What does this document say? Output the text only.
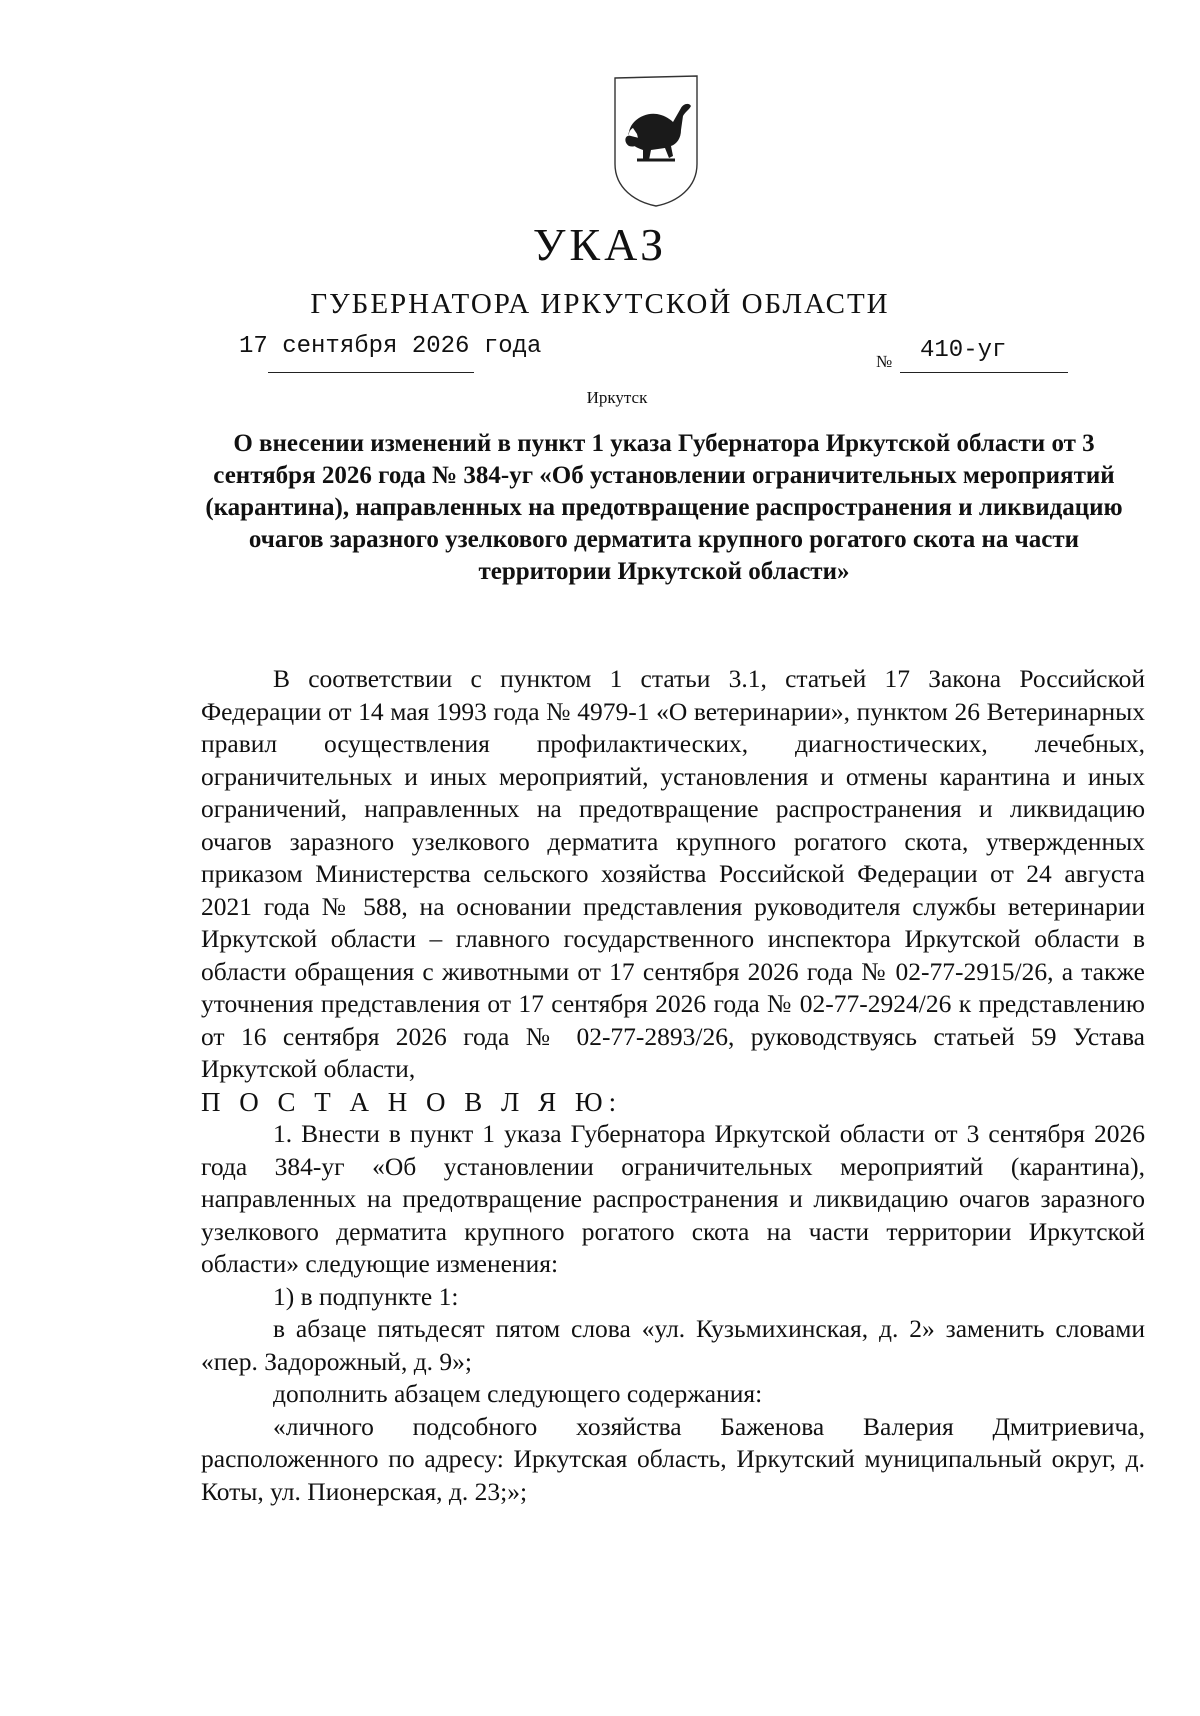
УКАЗ
ГУБЕРНАТОРА ИРКУТСКОЙ ОБЛАСТИ
17 сентября 2026 года
№ 410-уг
Иркутск
О внесении изменений в пункт 1 указа Губернатора Иркутской области от 3 сентября 2026 года № 384-уг «Об установлении ограничительных мероприятий (карантина), направленных на предотвращение распространения и ликвидацию очагов заразного узелкового дерматита крупного рогатого скота на части территории Иркутской области»

В соответствии с пунктом 1 статьи 3.1, статьей 17 Закона Российской Федерации от 14 мая 1993 года № 4979-1 «О ветеринарии», пунктом 26 Ветеринарных правил осуществления профилактических, диагностических, лечебных, ограничительных и иных мероприятий, установления и отмены карантина и иных ограничений, направленных на предотвращение распространения и ликвидацию очагов заразного узелкового дерматита крупного рогатого скота, утвержденных приказом Министерства сельского хозяйства Российской Федерации от 24 августа 2021 года № 588, на основании представления руководителя службы ветеринарии Иркутской области – главного государственного инспектора Иркутской области в области обращения с животными от 17 сентября 2026 года № 02-77-2915/26, а также уточнения представления от 17 сентября 2026 года № 02-77-2924/26 к представлению от 16 сентября 2026 года № 02-77-2893/26, руководствуясь статьей 59 Устава Иркутской области,

П О С Т А Н О В Л Я Ю:

1. Внести в пункт 1 указа Губернатора Иркутской области от 3 сентября 2026 года 384-уг «Об установлении ограничительных мероприятий (карантина), направленных на предотвращение распространения и ликвидацию очагов заразного узелкового дерматита крупного рогатого скота на части территории Иркутской области» следующие изменения:

1) в подпункте 1:

в абзаце пятьдесят пятом слова «ул. Кузьмихинская, д. 2» заменить словами «пер. Задорожный, д. 9»;

дополнить абзацем следующего содержания:

«личного подсобного хозяйства Баженова Валерия Дмитриевича, расположенного по адресу: Иркутская область, Иркутский муниципальный округ, д. Коты, ул. Пионерская, д. 23;»;
